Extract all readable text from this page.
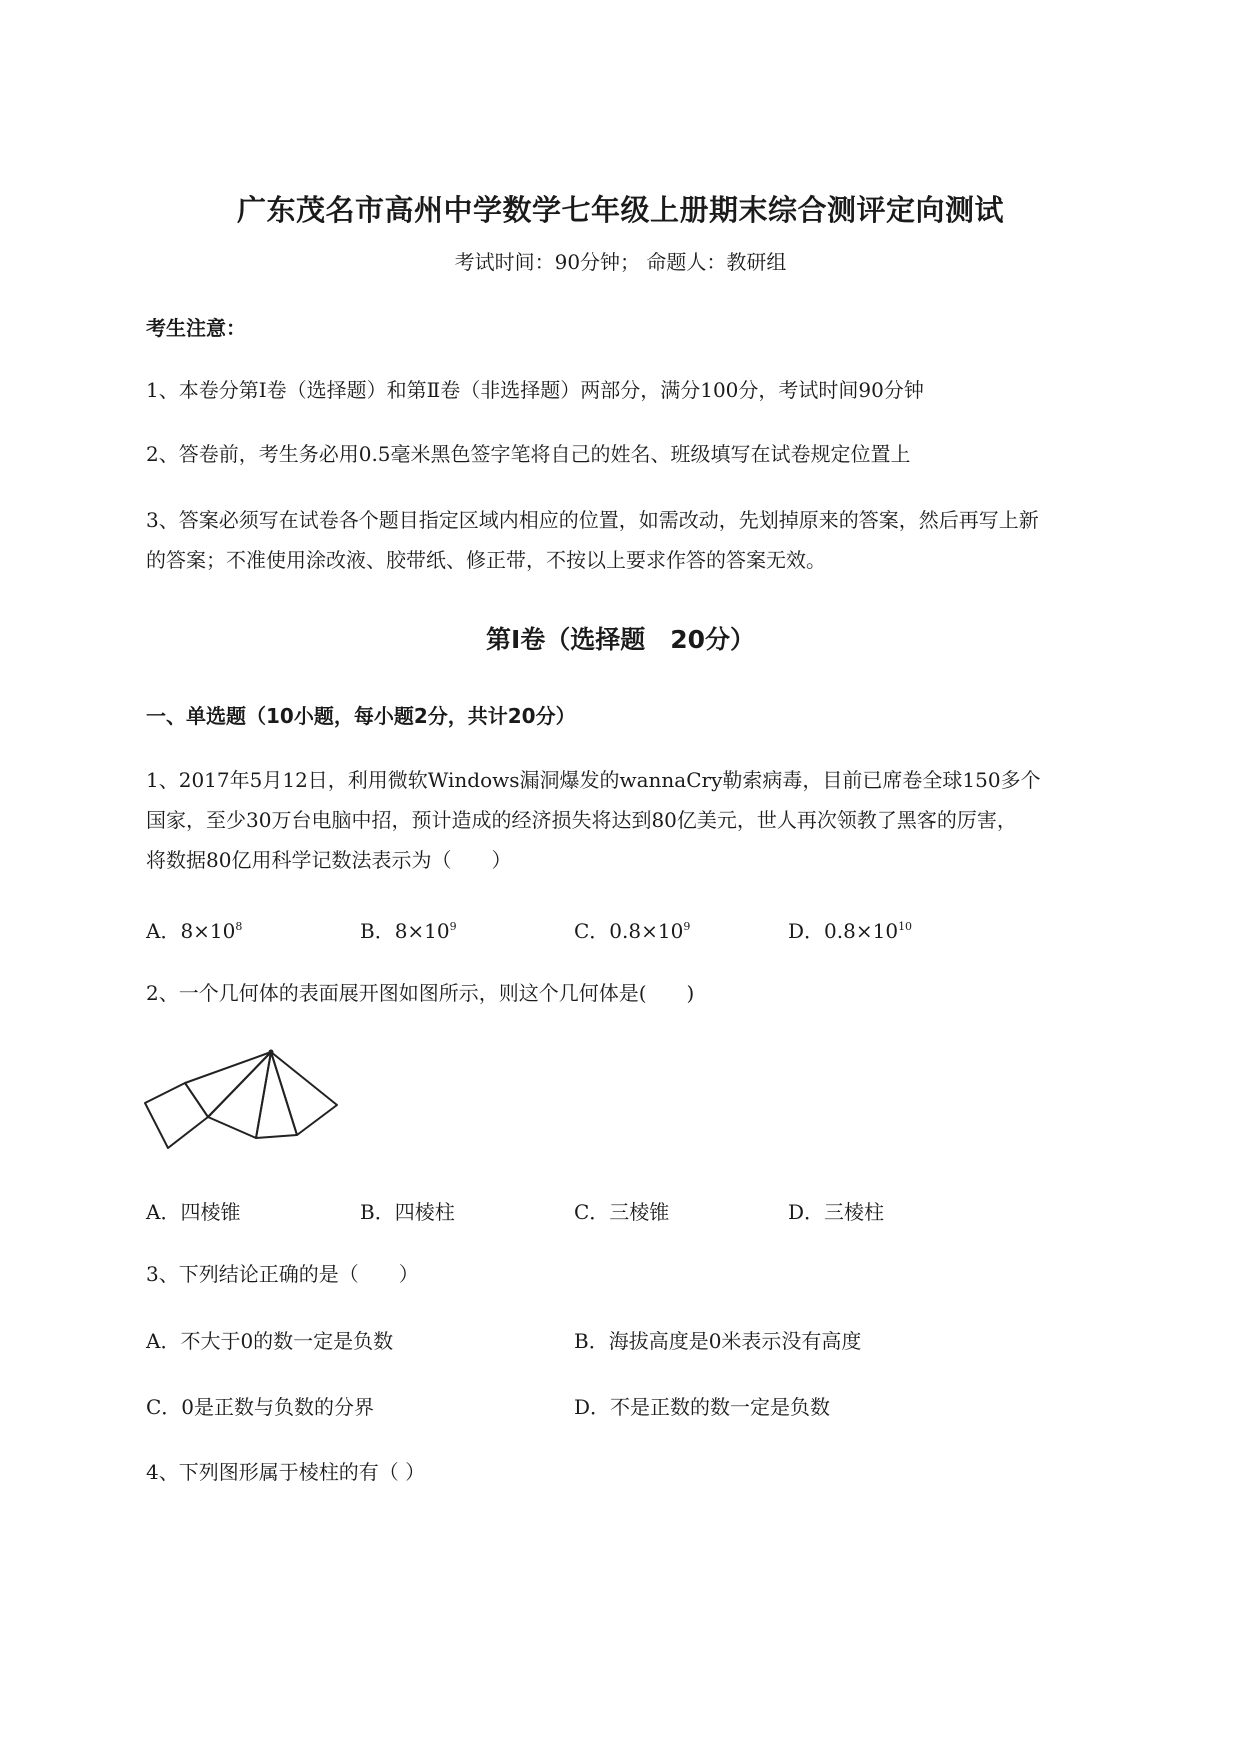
广东茂名市高州中学数学七年级上册期末综合测评定向测试
考试时间：90分钟； 命题人：教研组
考生注意：
1、本卷分第Ⅰ卷（选择题）和第Ⅱ卷（非选择题）两部分，满分100分，考试时间90分钟
2、答卷前，考生务必用0.5毫米黑色签字笔将自己的姓名、班级填写在试卷规定位置上
3、答案必须写在试卷各个题目指定区域内相应的位置，如需改动，先划掉原来的答案，然后再写上新
的答案；不准使用涂改液、胶带纸、修正带，不按以上要求作答的答案无效。
第Ⅰ卷（选择题　20分）
一、单选题（10小题，每小题2分，共计20分）
1、2017年5月12日，利用微软Windows漏洞爆发的wannaCry勒索病毒，目前已席卷全球150多个
国家，至少30万台电脑中招，预计造成的经济损失将达到80亿美元，世人再次领教了黑客的厉害，
将数据80亿用科学记数法表示为（　　）
A．$8\times 10^8$	B．$8\times 10^9$	C．$0.8\times 10^9$	D．$0.8\times 10^{10}$
2、一个几何体的表面展开图如图所示，则这个几何体是(　　)
A．四棱锥	B．四棱柱	C．三棱锥	D．三棱柱
3、下列结论正确的是（　　）
A．不大于0的数一定是负数	B．海拔高度是0米表示没有高度
C．0是正数与负数的分界	D．不是正数的数一定是负数
4、下列图形属于棱柱的有（ ）
